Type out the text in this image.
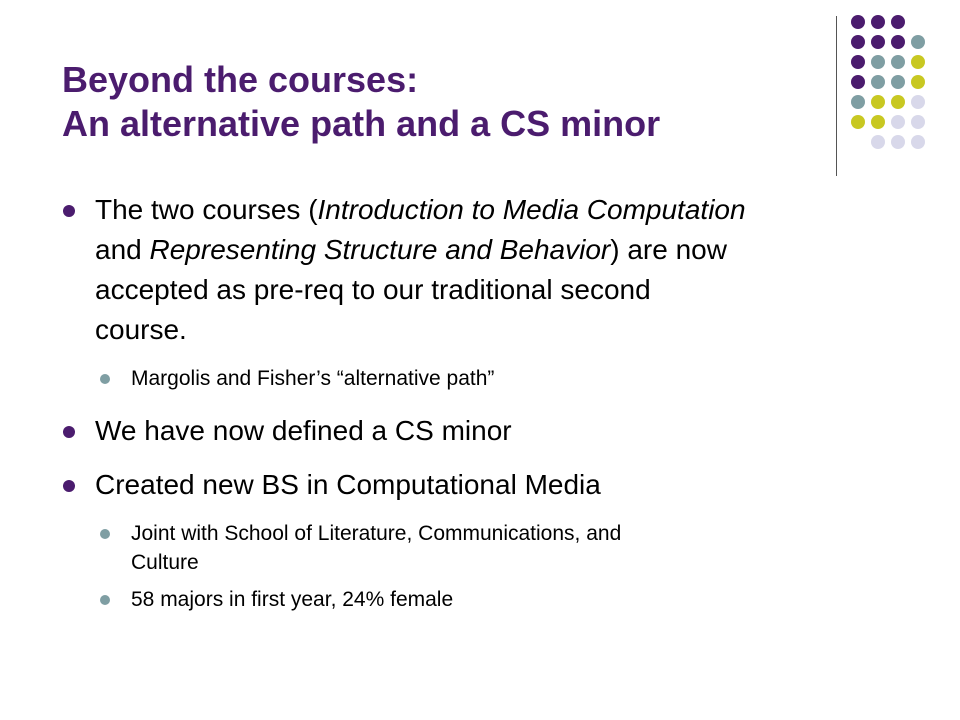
Beyond the courses:
An alternative path and a CS minor
The two courses (Introduction to Media Computation
and Representing Structure and Behavior) are now
accepted as pre-req to our traditional second
course.
Margolis and Fisher’s “alternative path”
We have now defined a CS minor
Created new BS in Computational Media
Joint with School of Literature, Communications, and
Culture
58 majors in first year, 24% female
